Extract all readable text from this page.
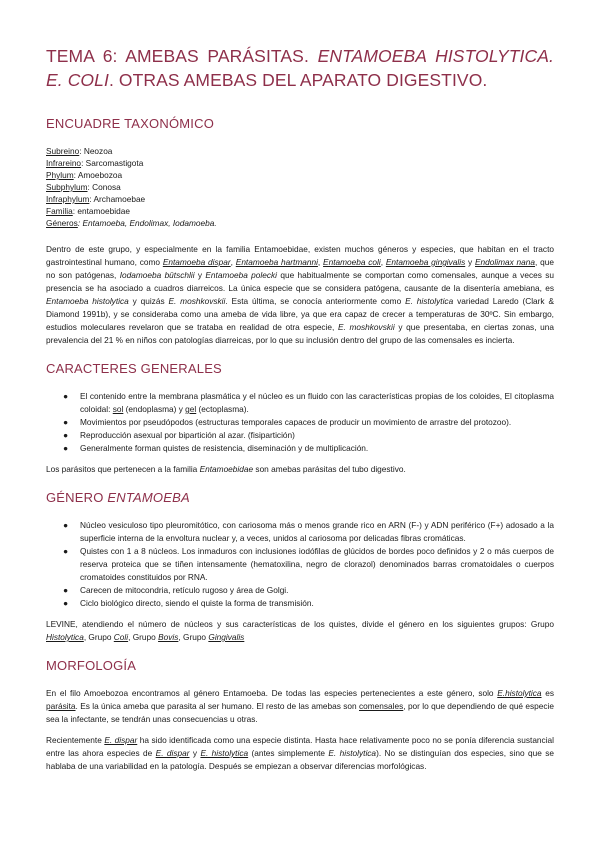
TEMA 6: AMEBAS PARÁSITAS. ENTAMOEBA HISTOLYTICA. E. COLI. OTRAS AMEBAS DEL APARATO DIGESTIVO.
ENCUADRE TAXONÓMICO

Subreino: Neozoa

Infrareino: Sarcomastigota

Phylum: Amoebozoa

Subphylum: Conosa

Infraphylum: Archamoebae

Familia: entamoebidae

Géneros: Entamoeba, Endolimax, Iodamoeba.

Dentro de este grupo, y especialmente en la familia Entamoebidae, existen muchos géneros y especies, que habitan en el tracto gastrointestinal humano, como Entamoeba dispar, Entamoeba hartmanni, Entamoeba coli, Entamoeba gingivalis y Endolimax nana, que no son patógenas, Iodamoeba bütschlii y Entamoeba polecki que habitualmente se comportan como comensales, aunque a veces su presencia se ha asociado a cuadros diarreicos. La única especie que se considera patógena, causante de la disentería amebiana, es Entamoeba histolytica y quizás E. moshkovskii. Esta última, se conocía anteriormente como E. histolytica variedad Laredo (Clark & Diamond 1991b), y se consideraba como una ameba de vida libre, ya que era capaz de crecer a temperaturas de 30ºC. Sin embargo, estudios moleculares revelaron que se trataba en realidad de otra especie, E. moshkovskii y que presentaba, en ciertas zonas, una prevalencia del 21 % en niños con patologías diarreicas, por lo que su inclusión dentro del grupo de las comensales es incierta.

CARACTERES GENERALES
● El contenido entre la membrana plasmática y el núcleo es un fluido con las características propias de los coloides, El citoplasma coloidal: sol (endoplasma) y gel (ectoplasma).
● Movimientos por pseudópodos (estructuras temporales capaces de producir un movimiento de arrastre del protozoo).
● Reproducción asexual por bipartición al azar. (fisipartición)
● Generalmente forman quistes de resistencia, diseminación y de multiplicación.

Los parásitos que pertenecen a la familia Entamoebidae son amebas parásitas del tubo digestivo.

GÉNERO ENTAMOEBA
● Núcleo vesiculoso tipo pleuromitótico, con cariosoma más o menos grande rico en ARN (F-) y ADN periférico (F+) adosado a la superficie interna de la envoltura nuclear y, a veces, unidos al cariosoma por delicadas fibras cromáticas.
● Quistes con 1 a 8 núcleos. Los inmaduros con inclusiones iodófilas de glúcidos de bordes poco definidos y 2 o más cuerpos de reserva proteica que se tiñen intensamente (hematoxilina, negro de clorazol) denominados barras cromatoidales o cuerpos cromatoides constituidos por RNA.
● Carecen de mitocondria, retículo rugoso y área de Golgi.
● Ciclo biológico directo, siendo el quiste la forma de transmisión.

LEVINE, atendiendo el número de núcleos y sus características de los quistes, divide el género en los siguientes grupos: Grupo Histolytica, Grupo Coli, Grupo Bovis, Grupo Gingivalis

MORFOLOGÍA

En el filo Amoebozoa encontramos al género Entamoeba. De todas las especies pertenecientes a este género, solo E.histolytica es parásita. Es la única ameba que parasita al ser humano. El resto de las amebas son comensales, por lo que dependiendo de qué especie sea la infectante, se tendrán unas consecuencias u otras.

Recientemente E. dispar ha sido identificada como una especie distinta. Hasta hace relativamente poco no se ponía diferencia sustancial entre las ahora especies de E. dispar y E. histolytica (antes simplemente E. histolytica). No se distinguían dos especies, sino que se hablaba de una variabilidad en la patología. Después se empiezan a observar diferencias morfológicas.
